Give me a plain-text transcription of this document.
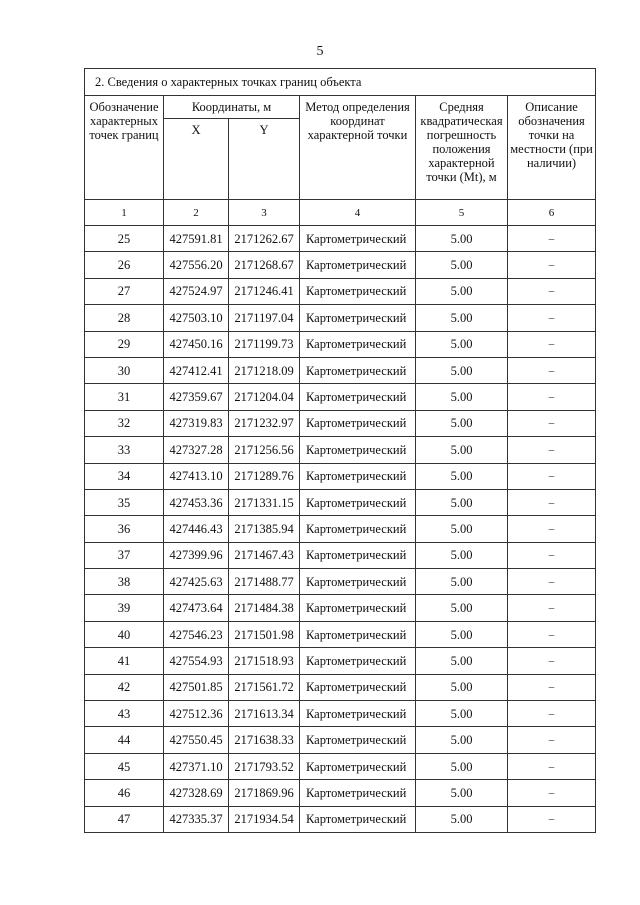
5
2. Сведения о характерных точках границ объекта					
Обозначение характерных точек границ	Координаты, м		Метод определения координат характерной точки	Средняя квадратическая погрешность положения характерной точки (Mt), м	Описание обозначения точки на местности (при наличии)
	X	Y			
1	2	3	4	5	6
25	427591.81	2171262.67	Картометрический	5.00	–
26	427556.20	2171268.67	Картометрический	5.00	–
27	427524.97	2171246.41	Картометрический	5.00	–
28	427503.10	2171197.04	Картометрический	5.00	–
29	427450.16	2171199.73	Картометрический	5.00	–
30	427412.41	2171218.09	Картометрический	5.00	–
31	427359.67	2171204.04	Картометрический	5.00	–
32	427319.83	2171232.97	Картометрический	5.00	–
33	427327.28	2171256.56	Картометрический	5.00	–
34	427413.10	2171289.76	Картометрический	5.00	–
35	427453.36	2171331.15	Картометрический	5.00	–
36	427446.43	2171385.94	Картометрический	5.00	–
37	427399.96	2171467.43	Картометрический	5.00	–
38	427425.63	2171488.77	Картометрический	5.00	–
39	427473.64	2171484.38	Картометрический	5.00	–
40	427546.23	2171501.98	Картометрический	5.00	–
41	427554.93	2171518.93	Картометрический	5.00	–
42	427501.85	2171561.72	Картометрический	5.00	–
43	427512.36	2171613.34	Картометрический	5.00	–
44	427550.45	2171638.33	Картометрический	5.00	–
45	427371.10	2171793.52	Картометрический	5.00	–
46	427328.69	2171869.96	Картометрический	5.00	–
47	427335.37	2171934.54	Картометрический	5.00	–
